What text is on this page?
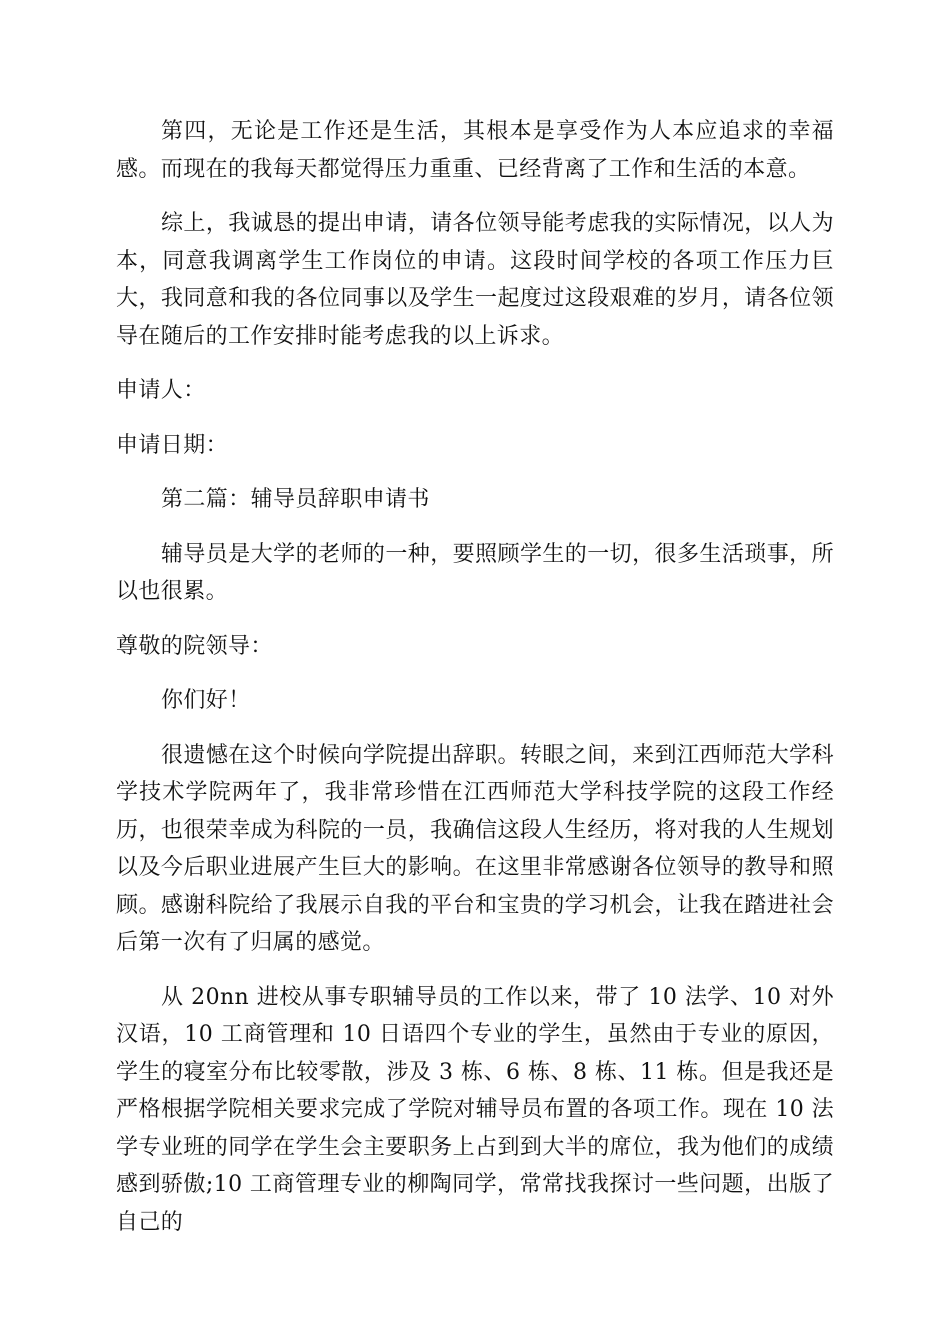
第四，无论是工作还是生活，其根本是享受作为人本应追求的幸福感。而现在的我每天都觉得压力重重、已经背离了工作和生活的本意。

综上，我诚恳的提出申请，请各位领导能考虑我的实际情况，以人为本，同意我调离学生工作岗位的申请。这段时间学校的各项工作压力巨大，我同意和我的各位同事以及学生一起度过这段艰难的岁月，请各位领导在随后的工作安排时能考虑我的以上诉求。

申请人：

申请日期：

第二篇：辅导员辞职申请书

辅导员是大学的老师的一种，要照顾学生的一切，很多生活琐事，所以也很累。

尊敬的院领导：

你们好！

很遗憾在这个时候向学院提出辞职。转眼之间，来到江西师范大学科学技术学院两年了，我非常珍惜在江西师范大学科技学院的这段工作经历，也很荣幸成为科院的一员，我确信这段人生经历，将对我的人生规划以及今后职业进展产生巨大的影响。在这里非常感谢各位领导的教导和照顾。感谢科院给了我展示自我的平台和宝贵的学习机会，让我在踏进社会后第一次有了归属的感觉。

从 20nn 进校从事专职辅导员的工作以来，带了 10 法学、10 对外汉语，10 工商管理和 10 日语四个专业的学生，虽然由于专业的原因，学生的寝室分布比较零散，涉及 3 栋、6 栋、8 栋、11 栋。但是我还是严格根据学院相关要求完成了学院对辅导员布置的各项工作。现在 10 法学专业班的同学在学生会主要职务上占到到大半的席位，我为他们的成绩感到骄傲;10 工商管理专业的柳陶同学，常常找我探讨一些问题，出版了自己的
